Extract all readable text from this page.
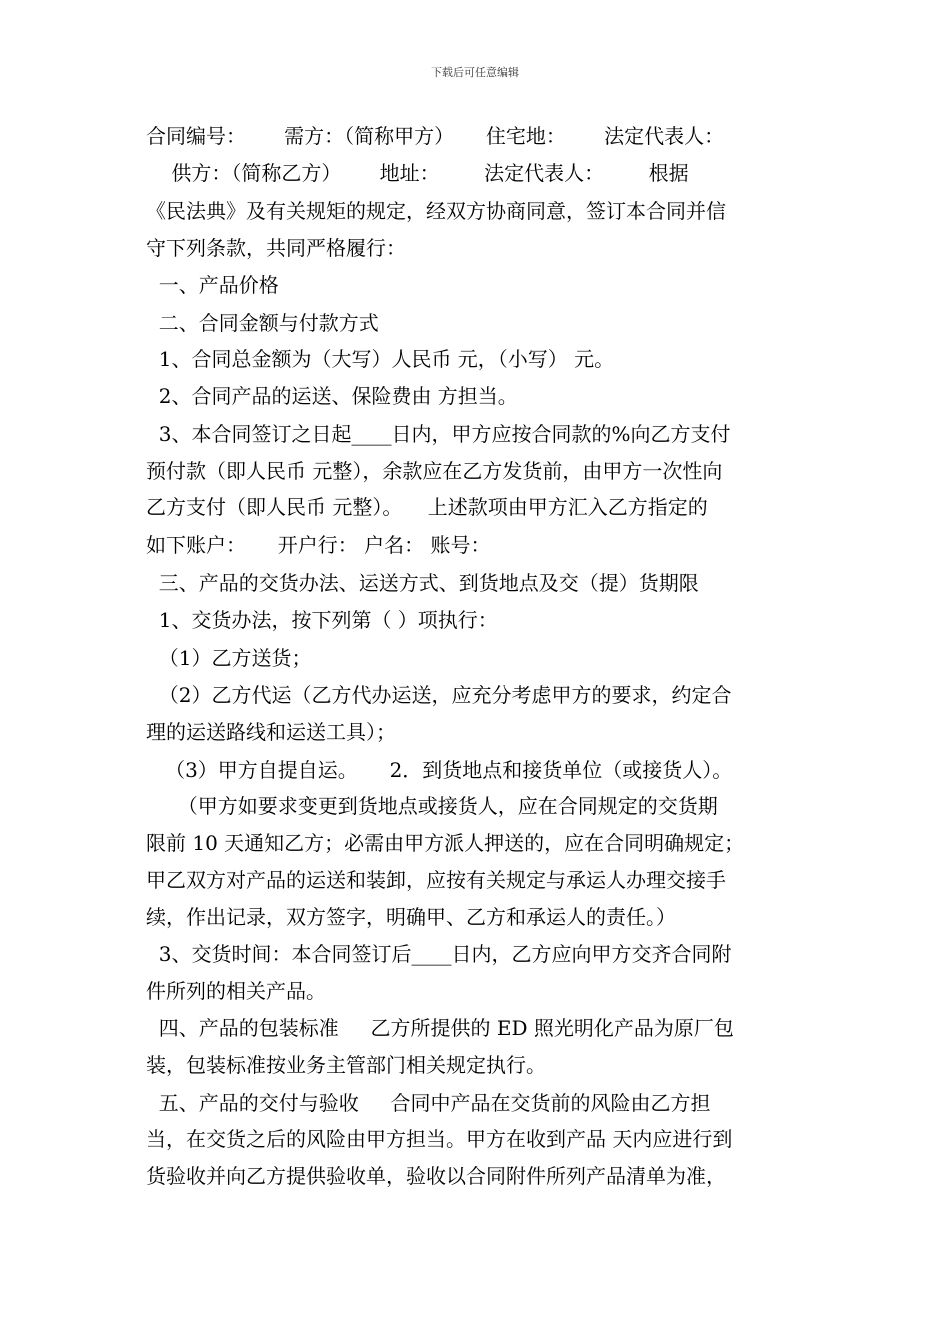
下载后可任意编辑
合同编号：      需方：（简称甲方）     住宅地：      法定代表人：
供方：（简称乙方）      地址：       法定代表人：       根据
《民法典》及有关规矩的规定，经双方协商同意，签订本合同并信
守下列条款，共同严格履行：
一、产品价格
二、合同金额与付款方式
1、合同总金额为（大写）人民币 元，（小写） 元。
2、合同产品的运送、保险费由 方担当。
3、本合同签订之日起____日内，甲方应按合同款的%向乙方支付
预付款（即人民币 元整），余款应在乙方发货前，由甲方一次性向
乙方支付（即人民币 元整）。    上述款项由甲方汇入乙方指定的
如下账户：     开户行： 户名： 账号：
三、产品的交货办法、运送方式、到货地点及交（提）货期限
1、交货办法，按下列第（ ）项执行：
（1）乙方送货；
（2）乙方代运（乙方代办运送，应充分考虑甲方的要求，约定合
理的运送路线和运送工具）；
（3）甲方自提自运。     2．到货地点和接货单位（或接货人）。
（甲方如要求变更到货地点或接货人，应在合同规定的交货期
限前 10 天通知乙方；必需由甲方派人押送的，应在合同明确规定；
甲乙双方对产品的运送和装卸，应按有关规定与承运人办理交接手
续，作出记录，双方签字，明确甲、乙方和承运人的责任。）
3、交货时间：本合同签订后____日内，乙方应向甲方交齐合同附
件所列的相关产品。
四、产品的包装标准     乙方所提供的 ED 照光明化产品为原厂包
装，包装标准按业务主管部门相关规定执行。
五、产品的交付与验收     合同中产品在交货前的风险由乙方担
当，在交货之后的风险由甲方担当。甲方在收到产品 天内应进行到
货验收并向乙方提供验收单，验收以合同附件所列产品清单为准，
